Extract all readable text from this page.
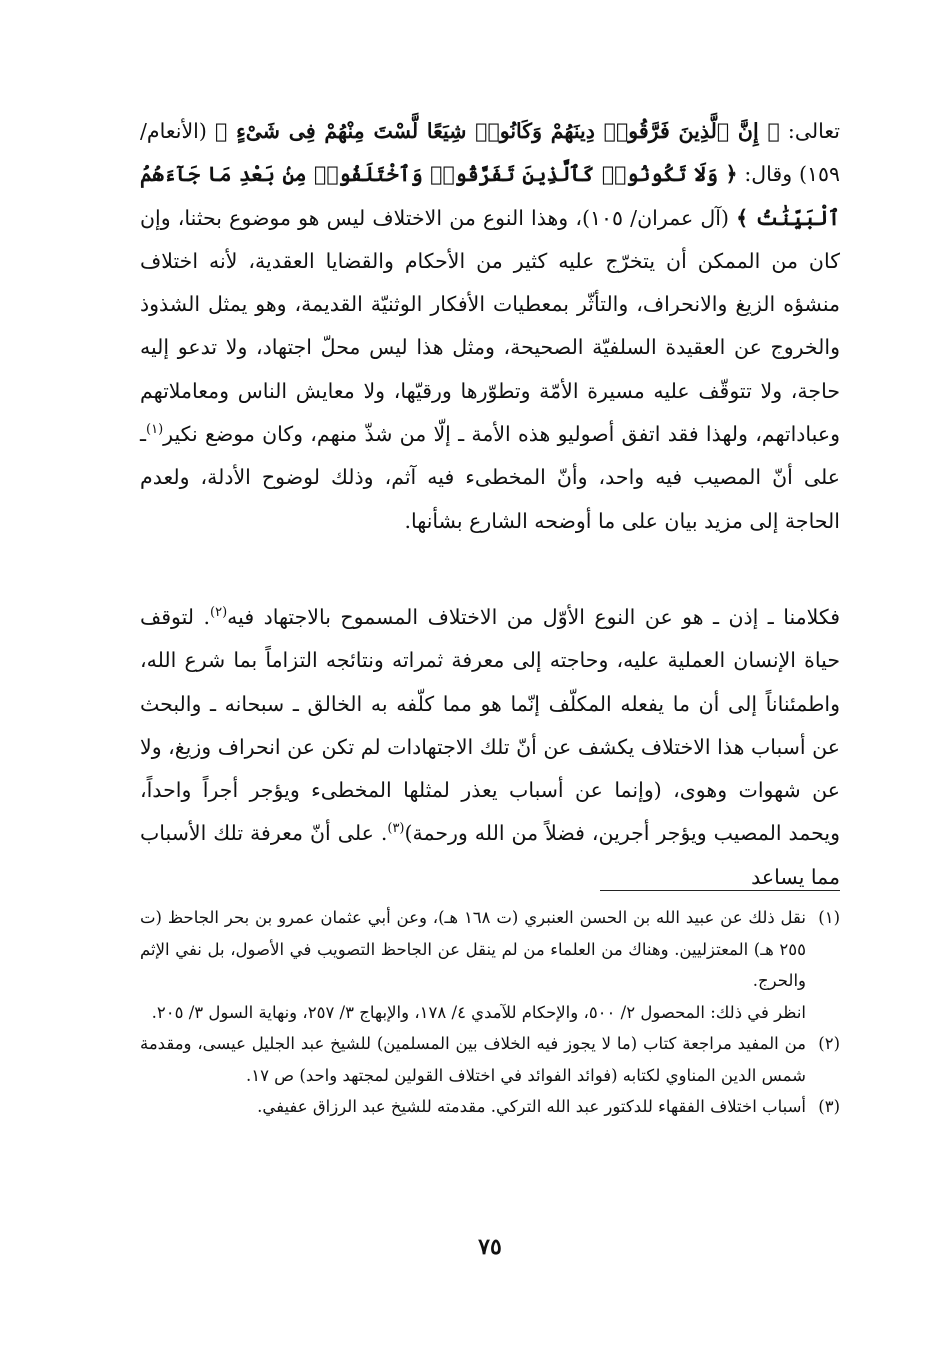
تعالى: ﴿ إِنَّ ٱلَّذِينَ فَرَّقُوا۟ دِينَهُمْ وَكَانُوا۟ شِيَعًا لَّسْتَ مِنْهُمْ فِى شَىْءٍ ﴾ (الأنعام/ ١٥٩) وقال: ﴿ وَلَا تَكُونُوا۟ كَٱلَّذِينَ تَفَرَّقُوا۟ وَٱخْتَلَفُوا۟ مِنۢ بَعْدِ مَا جَآءَهُمُ ٱلْبَيِّنَٰتُ ﴾ (آل عمران/ ١٠٥)، وهذا النوع من الاختلاف ليس هو موضوع بحثنا، وإن كان من الممكن أن يتخرّج عليه كثير من الأحكام والقضايا العقدية، لأنه اختلاف منشؤه الزيغ والانحراف، والتأثّر بمعطيات الأفكار الوثنيّة القديمة، وهو يمثل الشذوذ والخروج عن العقيدة السلفيّة الصحيحة، ومثل هذا ليس محلّ اجتهاد، ولا تدعو إليه حاجة، ولا تتوقّف عليه مسيرة الأمّة وتطوّرها ورقيّها، ولا معايش الناس ومعاملاتهم وعباداتهم، ولهذا فقد اتفق أصوليو هذه الأمة ـ إلّا من شذّ منهم، وكان موضع نكير$^{(١)}$ـ على أنّ المصيب فيه واحد، وأنّ المخطىء فيه آثم، وذلك لوضوح الأدلة، ولعدم الحاجة إلى مزيد بيان على ما أوضحه الشارع بشأنها.

فكلامنا ـ إذن ـ هو عن النوع الأوّل من الاختلاف المسموح بالاجتهاد فيه$^{(٢)}$. لتوقف حياة الإنسان العملية عليه، وحاجته إلى معرفة ثمراته ونتائجه التزاماً بما شرع الله، واطمئناناً إلى أن ما يفعله المكلّف إنّما هو مما كلّفه به الخالق ـ سبحانه ـ والبحث عن أسباب هذا الاختلاف يكشف عن أنّ تلك الاجتهادات لم تكن عن انحراف وزيغ، ولا عن شهوات وهوى، (وإنما عن أسباب يعذر لمثلها المخطىء ويؤجر أجراً واحداً، ويحمد المصيب ويؤجر أجرين، فضلاً من الله ورحمة)$^{(٣)}$. على أنّ معرفة تلك الأسباب مما يساعد

(١)
نقل ذلك عن عبيد الله بن الحسن العنبري (ت ١٦٨ هـ)، وعن أبي عثمان عمرو بن بحر الجاحظ (ت ٢٥٥ هـ) المعتزليين. وهناك من العلماء من لم ينقل عن الجاحظ التصويب في الأصول، بل نفي الإثم والحرج.
انظر في ذلك: المحصول ٢/ ٥٠٠، والإحكام للآمدي ٤/ ١٧٨، والإبهاج ٣/ ٢٥٧، ونهاية السول ٣/ ٢٠٥.

(٢)
من المفيد مراجعة كتاب (ما لا يجوز فيه الخلاف بين المسلمين) للشيخ عبد الجليل عيسى، ومقدمة شمس الدين المناوي لكتابه (فوائد الفوائد في اختلاف القولين لمجتهد واحد) ص ١٧.

(٣)
أسباب اختلاف الفقهاء للدكتور عبد الله التركي. مقدمته للشيخ عبد الرزاق عفيفي.

٧٥
